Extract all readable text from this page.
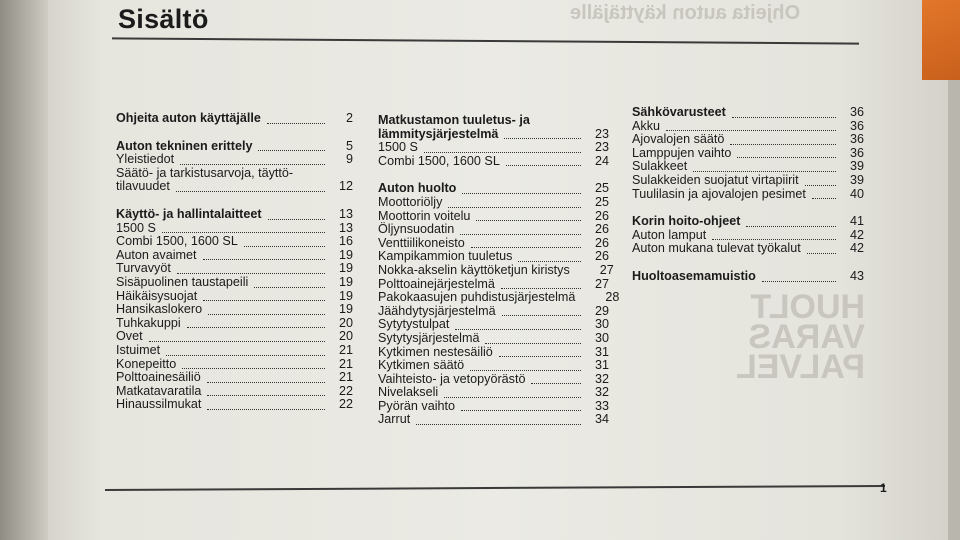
Ohjeita auton käyttäjälle
HUOLT
VARAS
PALVEL
Sisältö
Ohjeita auton käyttäjälle	2
Auton tekninen erittely	5
Yleistiedot	9
Säätö- ja tarkistusarvoja, täyttö-
tilavuudet	12
Käyttö- ja hallintalaitteet	13
1500 S	13
Combi 1500, 1600 SL	16
Auton avaimet	19
Turvavyöt	19
Sisäpuolinen taustapeili	19
Häikäisysuojat	19
Hansikaslokero	19
Tuhkakuppi	20
Ovet	20
Istuimet	21
Konepeitto	21
Polttoainesäiliö	21
Matkatavaratila	22
Hinaussilmukat	22
Matkustamon tuuletus- ja
lämmitysjärjestelmä	23
1500 S	23
Combi 1500, 1600 SL	24
Auton huolto	25
Moottoriöljy	25
Moottorin voitelu	26
Öljynsuodatin	26
Venttiilikoneisto	26
Kampikammion tuuletus	26
Nokka-akselin käyttöketjun kiristys	27
Polttoainejärjestelmä	27
Pakokaasujen puhdistusjärjestelmä	28
Jäähdytysjärjestelmä	29
Sytytystulpat	30
Sytytysjärjestelmä	30
Kytkimen nestesäiliö	31
Kytkimen säätö	31
Vaihteisto- ja vetopyörästö	32
Nivelakseli	32
Pyörän vaihto	33
Jarrut	34
Sähkövarusteet	36
Akku	36
Ajovalojen säätö	36
Lamppujen vaihto	36
Sulakkeet	39
Sulakkeiden suojatut virtapiirit	39
Tuulilasin ja ajovalojen pesimet	40
Korin hoito-ohjeet	41
Auton lamput	42
Auton mukana tulevat työkalut	42
Huoltoasemamuistio	43
1
